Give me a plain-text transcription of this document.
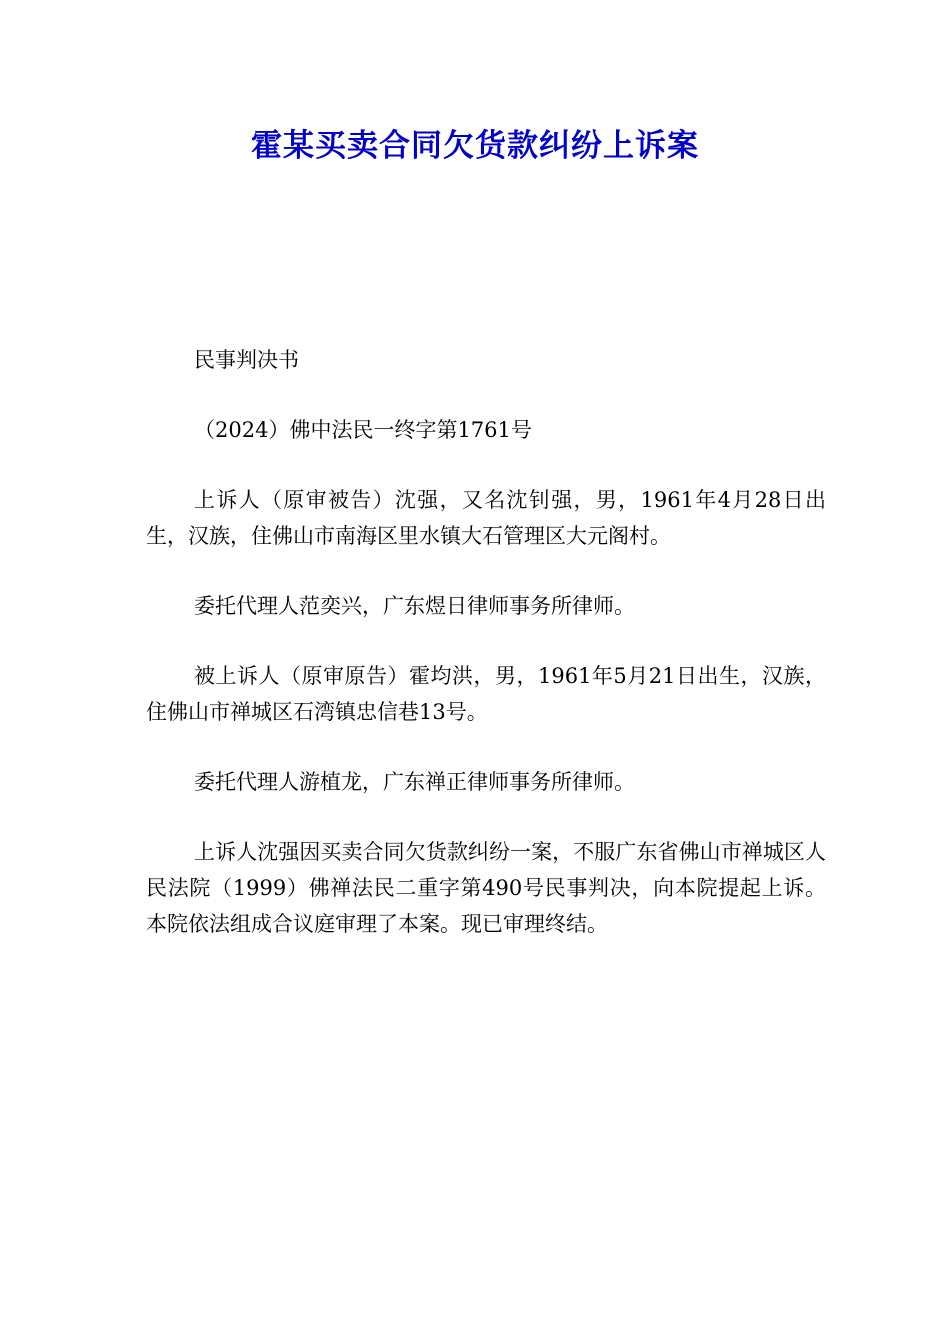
霍某买卖合同欠货款纠纷上诉案

民事判决书

（2024）佛中法民一终字第1761号

上诉人（原审被告）沈强，又名沈钊强，男，1961年4月28日出生，汉族，住佛山市南海区里水镇大石管理区大元阁村。

委托代理人范奕兴，广东煜日律师事务所律师。

被上诉人（原审原告）霍均洪，男，1961年5月21日出生，汉族，住佛山市禅城区石湾镇忠信巷13号。

委托代理人游植龙，广东禅正律师事务所律师。

上诉人沈强因买卖合同欠货款纠纷一案，不服广东省佛山市禅城区人民法院（1999）佛禅法民二重字第490号民事判决，向本院提起上诉。本院依法组成合议庭审理了本案。现已审理终结。
